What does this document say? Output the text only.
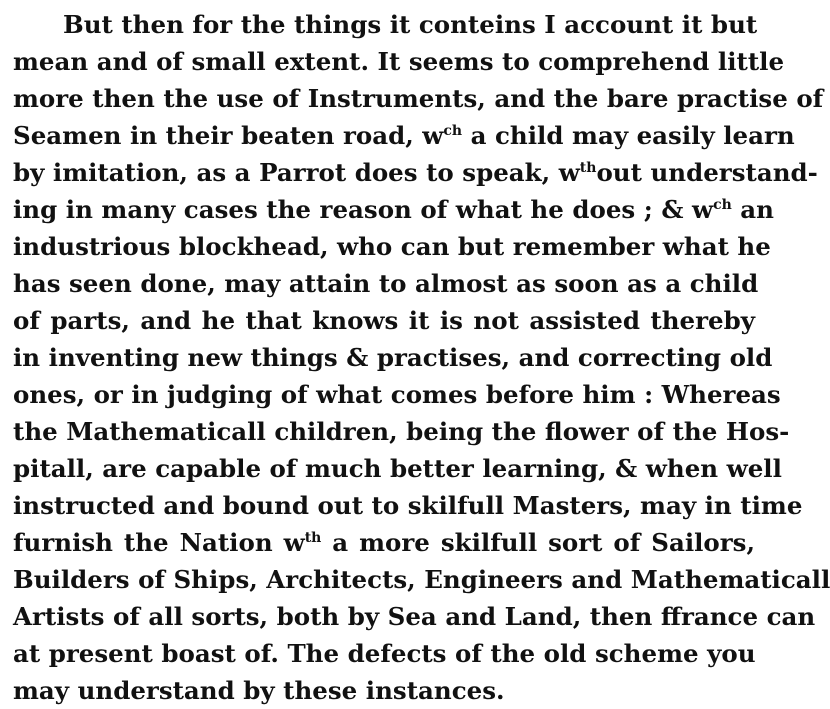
But then for the things it conteins I account it but
mean and of small extent. It seems to comprehend little
more then the use of Instruments, and the bare practise of
Seamen in their beaten road, $w^{ch}$ a child may easily learn
by imitation, as a Parrot does to speak, $w^{th}out$ understand-
ing in many cases the reason of what he does ; & $w^{ch}$ an
industrious blockhead, who can but remember what he
has seen done, may attain to almost as soon as a child
of parts, and he that knows it is not assisted thereby
in inventing new things & practises, and correcting old
ones, or in judging of what comes before him : Whereas
the Mathematicall children, being the flower of the Hos-
pitall, are capable of much better learning, & when well
instructed and bound out to skilfull Masters, may in time
furnish the Nation $w^{th}$ a more skilfull sort of Sailors,
Builders of Ships, Architects, Engineers and Mathematicall
Artists of all sorts, both by Sea and Land, then ffrance can
at present boast of. The defects of the old scheme you
may understand by these instances.
